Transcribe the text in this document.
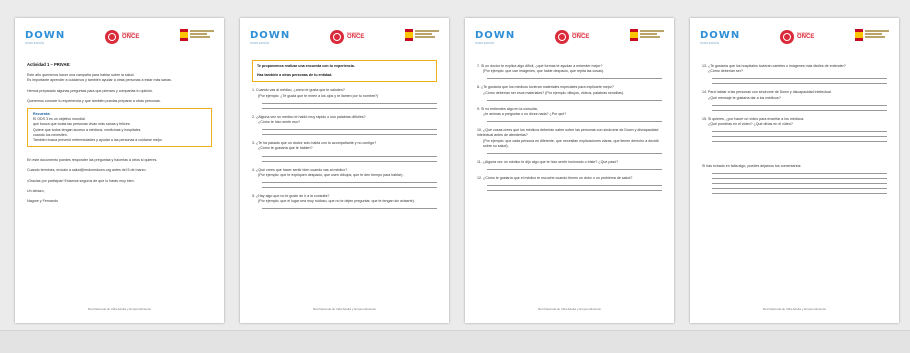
DOWN
DOWN ESPAÑA
Fundación
ONCE

Actividad 1 – PRIVAE:

Este año queremos hacer una campaña para hablar sobre la salud.

Es importante aprender a cuidarnos y también ayudar a otras personas a estar más sanas.

Hemos preparado algunas preguntas para que pienses y compartas tu opinión.

Queremos conocer tu experiencia y que también puedas preparar a otras personas.

Recuerda:

El ODS 3 es un objetivo mundial

que busca que todas las personas vivan más sanas y felices.

Quiere que todos tengan acceso a médicos, medicinas y hospitales

cuando los necesiten.

También busca prevenir enfermedades y ayudar a las personas a cuidarse mejor.

En este documento puedes responder las preguntas y hacerlas a otros si quieres.

Cuando termines, envíalo a salud@endonedown.org antes del 5 de marzo.

¡Gracias por participar! Estamos seguros de que lo harás muy bien.

Un abrazo,

Nagore y Fernando

Red Nacional de Vida Adulta y Emprendimiento
DOWN
DOWN ESPAÑA
Fundación
ONCE

Te proponemos realizar una encuesta con tu experiencia.

Haz también a otras personas de tu entidad.

1. Cuando vas al médico, ¿cómo te gusta que te saluden?

(Por ejemplo: ¿Te gusta que te miren a los ojos y te llamen por tu nombre?)

2. ¿Alguna vez un médico te habló muy rápido o usó palabras difíciles?

¿Cómo te hizo sentir eso?

3. ¿Te ha pasado que un doctor solo habla con tu acompañante y no contigo?

¿Cómo te gustaría que te hablen?

4. ¿Qué crees que hacer sentir bien cuando vas al médico?

(Por ejemplo: que te expliquen despacio, que usen dibujos, que te den tiempo para hablar).

5. ¿Hay algo que no te guste de ir a la consulta?

(Por ejemplo: que el lugar sea muy ruidoso, que no te dejen preguntar, que te tengan sin avisarte).

Red Nacional de Vida Adulta y Emprendimiento
DOWN
DOWN ESPAÑA
Fundación
ONCE

7. Si un doctor te explica algo difícil, ¿qué formas te ayudan a entender mejor?

(Por ejemplo: que use imágenes, que hable despacio, que repita las cosas).

8. ¿Te gustaría que los médicos tuvieran materiales especiales para explicarte mejor?

¿Cómo deberían ser esos materiales? (Por ejemplo: dibujos, videos, palabras sencillas).

9. Si no entiendes algo en la consulta,

¿te animas a preguntar o no dices nada? ¿Por qué?

10. ¿Qué cosas crees que los médicos deberían saber sobre las personas con síndrome de Down y discapacidad intelectual antes de atenderlas?

(Por ejemplo: que cada persona es diferente, que necesitan explicaciones claras, que tienen derecho a decidir sobre su salud).

11. ¿Alguna vez un médico te dijo algo que te hizo sentir incómodo o triste? ¿Qué pasó?

12. ¿Cómo te gustaría que el médico te escuche cuando tienes un dolor o un problema de salud?

Red Nacional de Vida Adulta y Emprendimiento
DOWN
DOWN ESPAÑA
Fundación
ONCE

13. ¿Te gustaría que los hospitales tuvieran carteles o imágenes más fáciles de entender?

¿Cómo deberían ser?

14. Para hablar a las personas con síndrome de Down y discapacidad intelectual.

¿Qué mensaje te gustaría dar a los médicos?

15. Si quieres, ¿por hacer un vídeo para enseñar a los médicos.

¿Qué pondrías en el vídeo? ¿Qué dirías en el vídeo?

Si has echado en falta algo, puedes dejarnos tus comentarios:

Red Nacional de Vida Adulta y Emprendimiento
